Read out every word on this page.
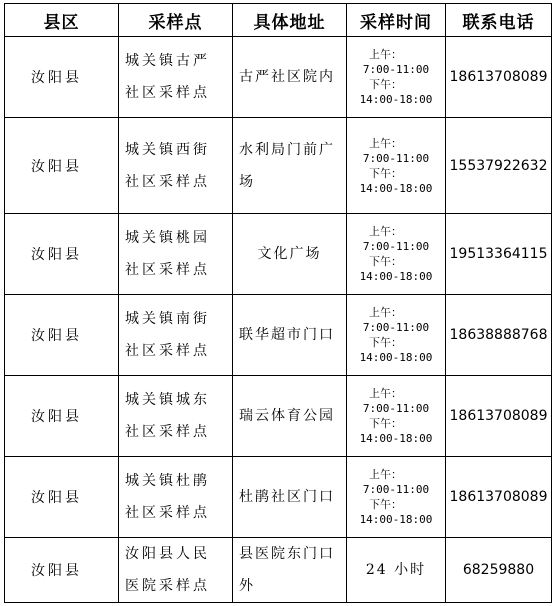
县区	采样点	具体地址	采样时间	联系电话
汝阳县	城关镇古严社区采样点	古严社区院内	上午：
7:00-11:00
下午：
14:00-18:00	18613708089
汝阳县	城关镇西街社区采样点	水利局门前广场	上午：
7:00-11:00
下午：
14:00-18:00	15537922632
汝阳县	城关镇桃园社区采样点	文化广场	上午：
7:00-11:00
下午：
14:00-18:00	19513364115
汝阳县	城关镇南街社区采样点	联华超市门口	上午：
7:00-11:00
下午：
14:00-18:00	18638888768
汝阳县	城关镇城东社区采样点	瑞云体育公园	上午：
7:00-11:00
下午：
14:00-18:00	18613708089
汝阳县	城关镇杜鹃社区采样点	杜鹃社区门口	上午：
7:00-11:00
下午：
14:00-18:00	18613708089
汝阳县	汝阳县人民医院采样点	县医院东门口外	24 小时	68259880
